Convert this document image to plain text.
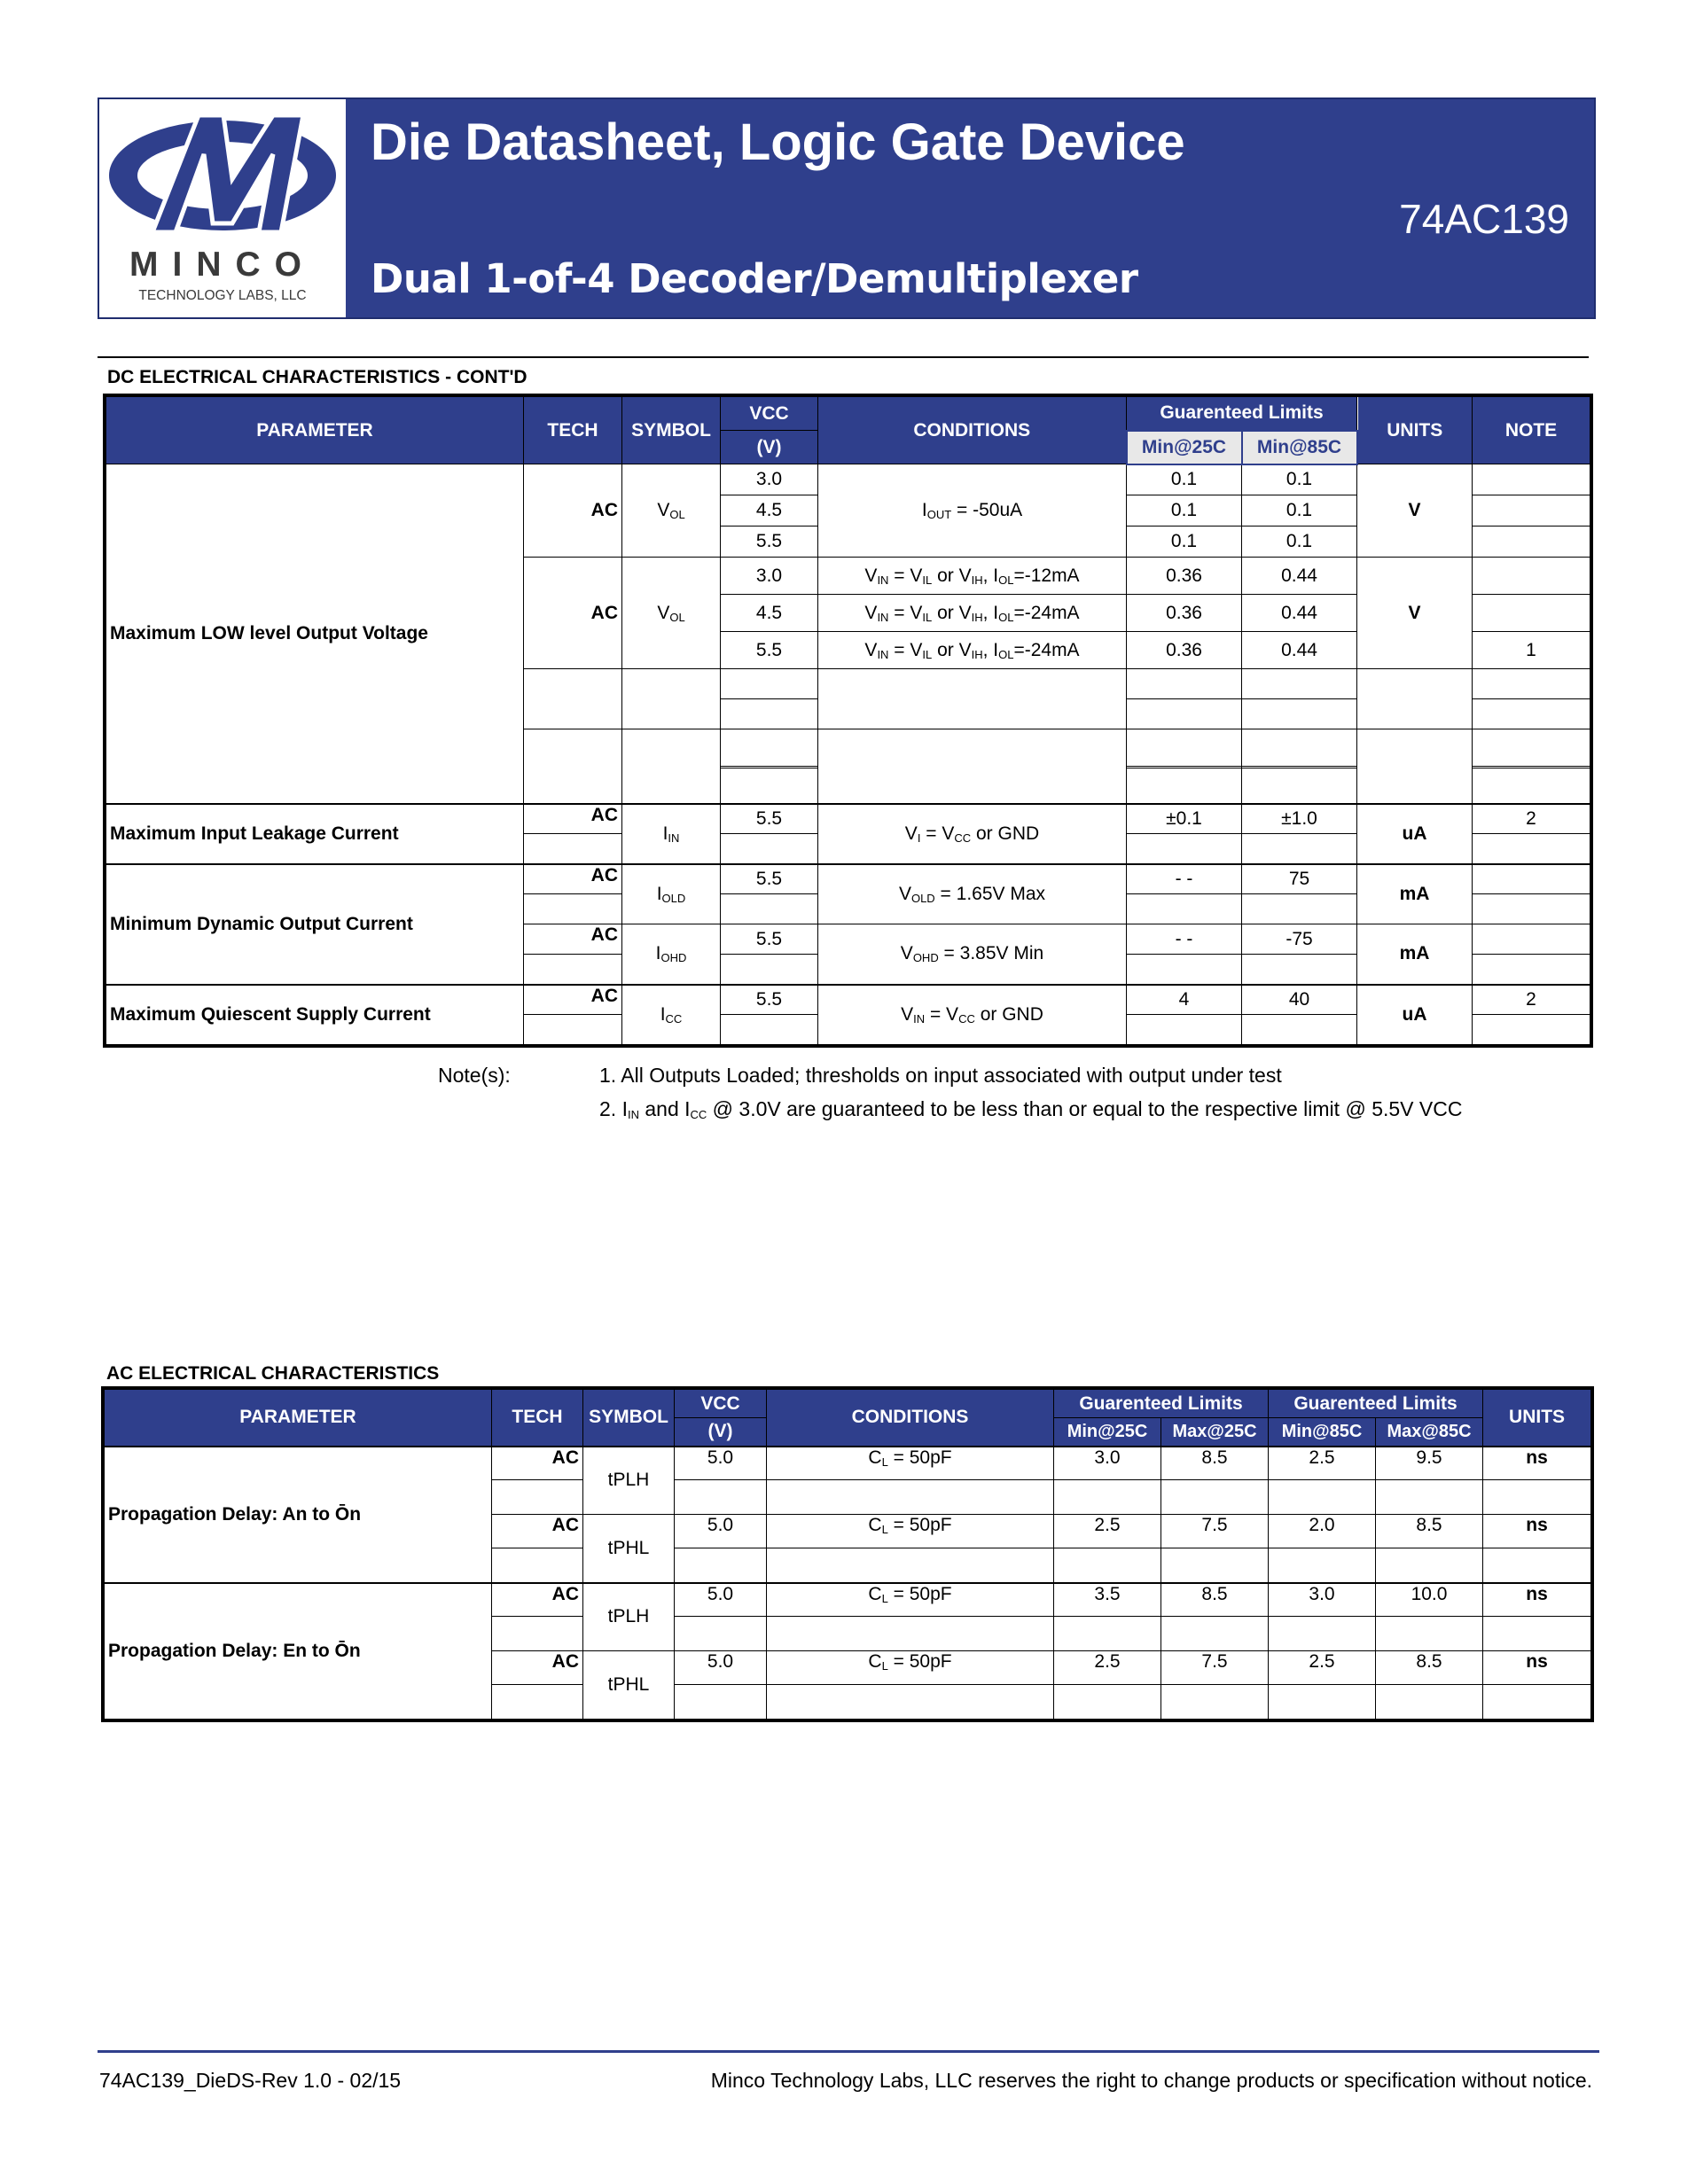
MINCO
TECHNOLOGY LABS, LLC
Die Datasheet, Logic Gate Device
74AC139
Dual 1-of-4 Decoder/Demultiplexer
DC ELECTRICAL CHARACTERISTICS - CONT'D
PARAMETER	TECH	SYMBOL	VCC	CONDITIONS	Guarenteed Limits		UNITS	NOTE
			(V)		Min@25C	Min@85C		
Maximum LOW level Output Voltage	AC	$V_{OL}$	3.0	$I_{OUT} = -50uA$	0.1	0.1	V	
			4.5		0.1	0.1		
			5.5		0.1	0.1		
	AC	$V_{OL}$	3.0	$V_{IN} = V_{IL}$ or $V_{IH}$, $I_{OL}=-12mA$	0.36	0.44	V	
			4.5	$V_{IN} = V_{IL}$ or $V_{IH}$, $I_{OL}=-24mA$	0.36	0.44		
			5.5	$V_{IN} = V_{IL}$ or $V_{IH}$, $I_{OL}=-24mA$	0.36	0.44		1

Maximum Input Leakage Current	AC	$I_{IN}$	5.5	$V_I = V_{CC}$ or GND	±0.1	±1.0	uA	2

Minimum Dynamic Output Current	AC	$I_{OLD}$	5.5	$V_{OLD} = 1.65V$ Max	- -	75	mA	

	AC	$I_{OHD}$	5.5	$V_{OHD} = 3.85V$ Min	- -	-75	mA	

Maximum Quiescent Supply Current	AC	$I_{CC}$	5.5	$V_{IN} = V_{CC}$ or GND	4	40	uA	2

Note(s):	1. All Outputs Loaded; thresholds on input associated with output under test
2. $I_{IN}$ and $I_{CC}$ @ 3.0V are guaranteed to be less than or equal to the respective limit @ 5.5V VCC
AC ELECTRICAL CHARACTERISTICS
PARAMETER	TECH	SYMBOL	VCC	CONDITIONS	Guarenteed Limits		Guarenteed Limits		UNITS
			(V)		Min@25C	Max@25C	Min@85C	Max@85C	
Propagation Delay: An to Ōn	AC	tPLH	5.0	$C_L = 50pF$	3.0	8.5	2.5	9.5	ns

	AC	tPHL	5.0	$C_L = 50pF$	2.5	7.5	2.0	8.5	ns

Propagation Delay: En to Ōn	AC	tPLH	5.0	$C_L = 50pF$	3.5	8.5	3.0	10.0	ns

	AC	tPHL	5.0	$C_L = 50pF$	2.5	7.5	2.5	8.5	ns

74AC139_DieDS-Rev 1.0 - 02/15	Minco Technology Labs, LLC reserves the right to change products or specification without notice.
